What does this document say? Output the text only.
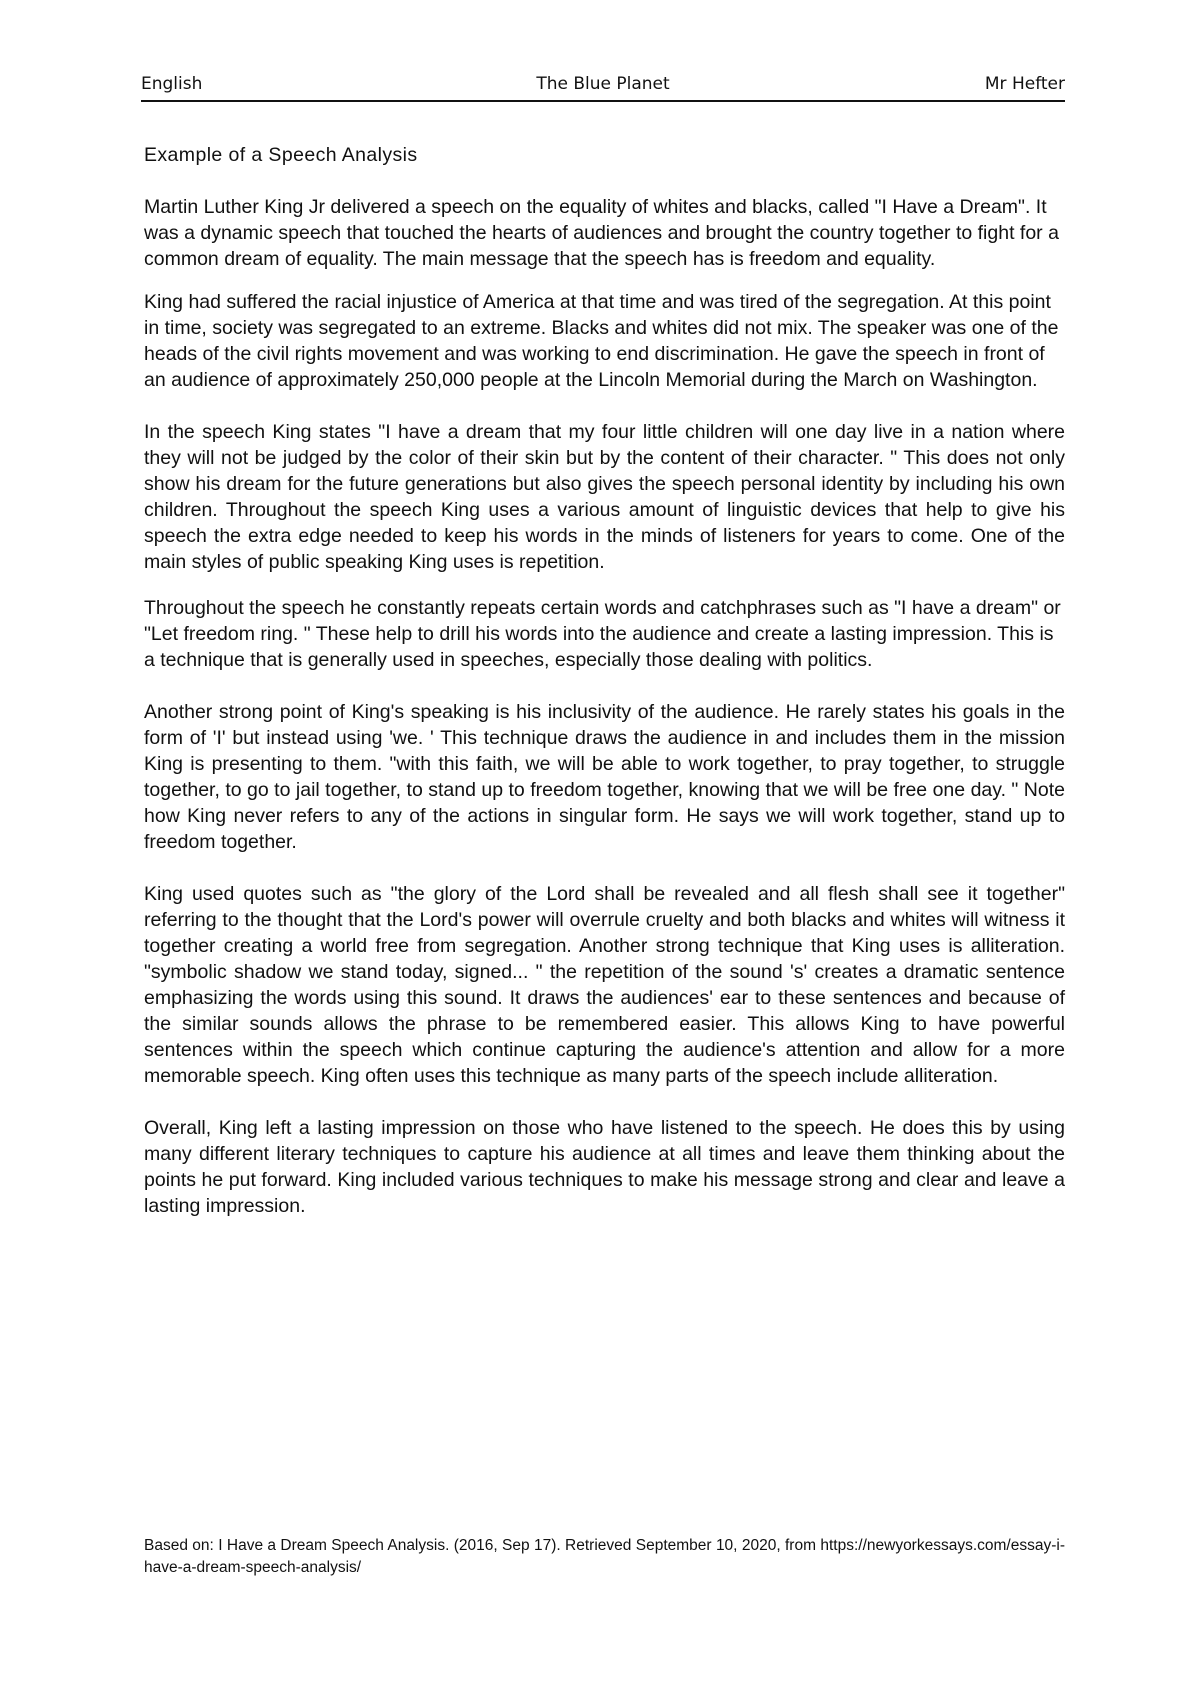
English	The Blue Planet	Mr Hefter
Example of a Speech Analysis

Martin Luther King Jr delivered a speech on the equality of whites and blacks, called "I Have a Dream". It was a dynamic speech that touched the hearts of audiences and brought the country together to fight for a common dream of equality. The main message that the speech has is freedom and equality.

King had suffered the racial injustice of America at that time and was tired of the segregation. At this point in time, society was segregated to an extreme. Blacks and whites did not mix. The speaker was one of the heads of the civil rights movement and was working to end discrimination. He gave the speech in front of an audience of approximately 250,000 people at the Lincoln Memorial during the March on Washington.

In the speech King states "I have a dream that my four little children will one day live in a nation where they will not be judged by the color of their skin but by the content of their character. " This does not only show his dream for the future generations but also gives the speech personal identity by including his own children. Throughout the speech King uses a various amount of linguistic devices that help to give his speech the extra edge needed to keep his words in the minds of listeners for years to come. One of the main styles of public speaking King uses is repetition.

Throughout the speech he constantly repeats certain words and catchphrases such as "I have a dream" or "Let freedom ring. " These help to drill his words into the audience and create a lasting impression. This is a technique that is generally used in speeches, especially those dealing with politics.

Another strong point of King's speaking is his inclusivity of the audience. He rarely states his goals in the form of 'I' but instead using 'we. ' This technique draws the audience in and includes them in the mission King is presenting to them. "with this faith, we will be able to work together, to pray together, to struggle together, to go to jail together, to stand up to freedom together, knowing that we will be free one day. " Note how King never refers to any of the actions in singular form. He says we will work together, stand up to freedom together.

King used quotes such as "the glory of the Lord shall be revealed and all flesh shall see it together" referring to the thought that the Lord's power will overrule cruelty and both blacks and whites will witness it together creating a world free from segregation. Another strong technique that King uses is alliteration. "symbolic shadow we stand today, signed... " the repetition of the sound 's' creates a dramatic sentence emphasizing the words using this sound. It draws the audiences' ear to these sentences and because of the similar sounds allows the phrase to be remembered easier. This allows King to have powerful sentences within the speech which continue capturing the audience's attention and allow for a more memorable speech. King often uses this technique as many parts of the speech include alliteration.

Overall, King left a lasting impression on those who have listened to the speech. He does this by using many different literary techniques to capture his audience at all times and leave them thinking about the points he put forward. King included various techniques to make his message strong and clear and leave a lasting impression.

Based on: I Have a Dream Speech Analysis. (2016, Sep 17). Retrieved September 10, 2020, from https://newyorkessays.com/essay-i-have-a-dream-speech-analysis/
